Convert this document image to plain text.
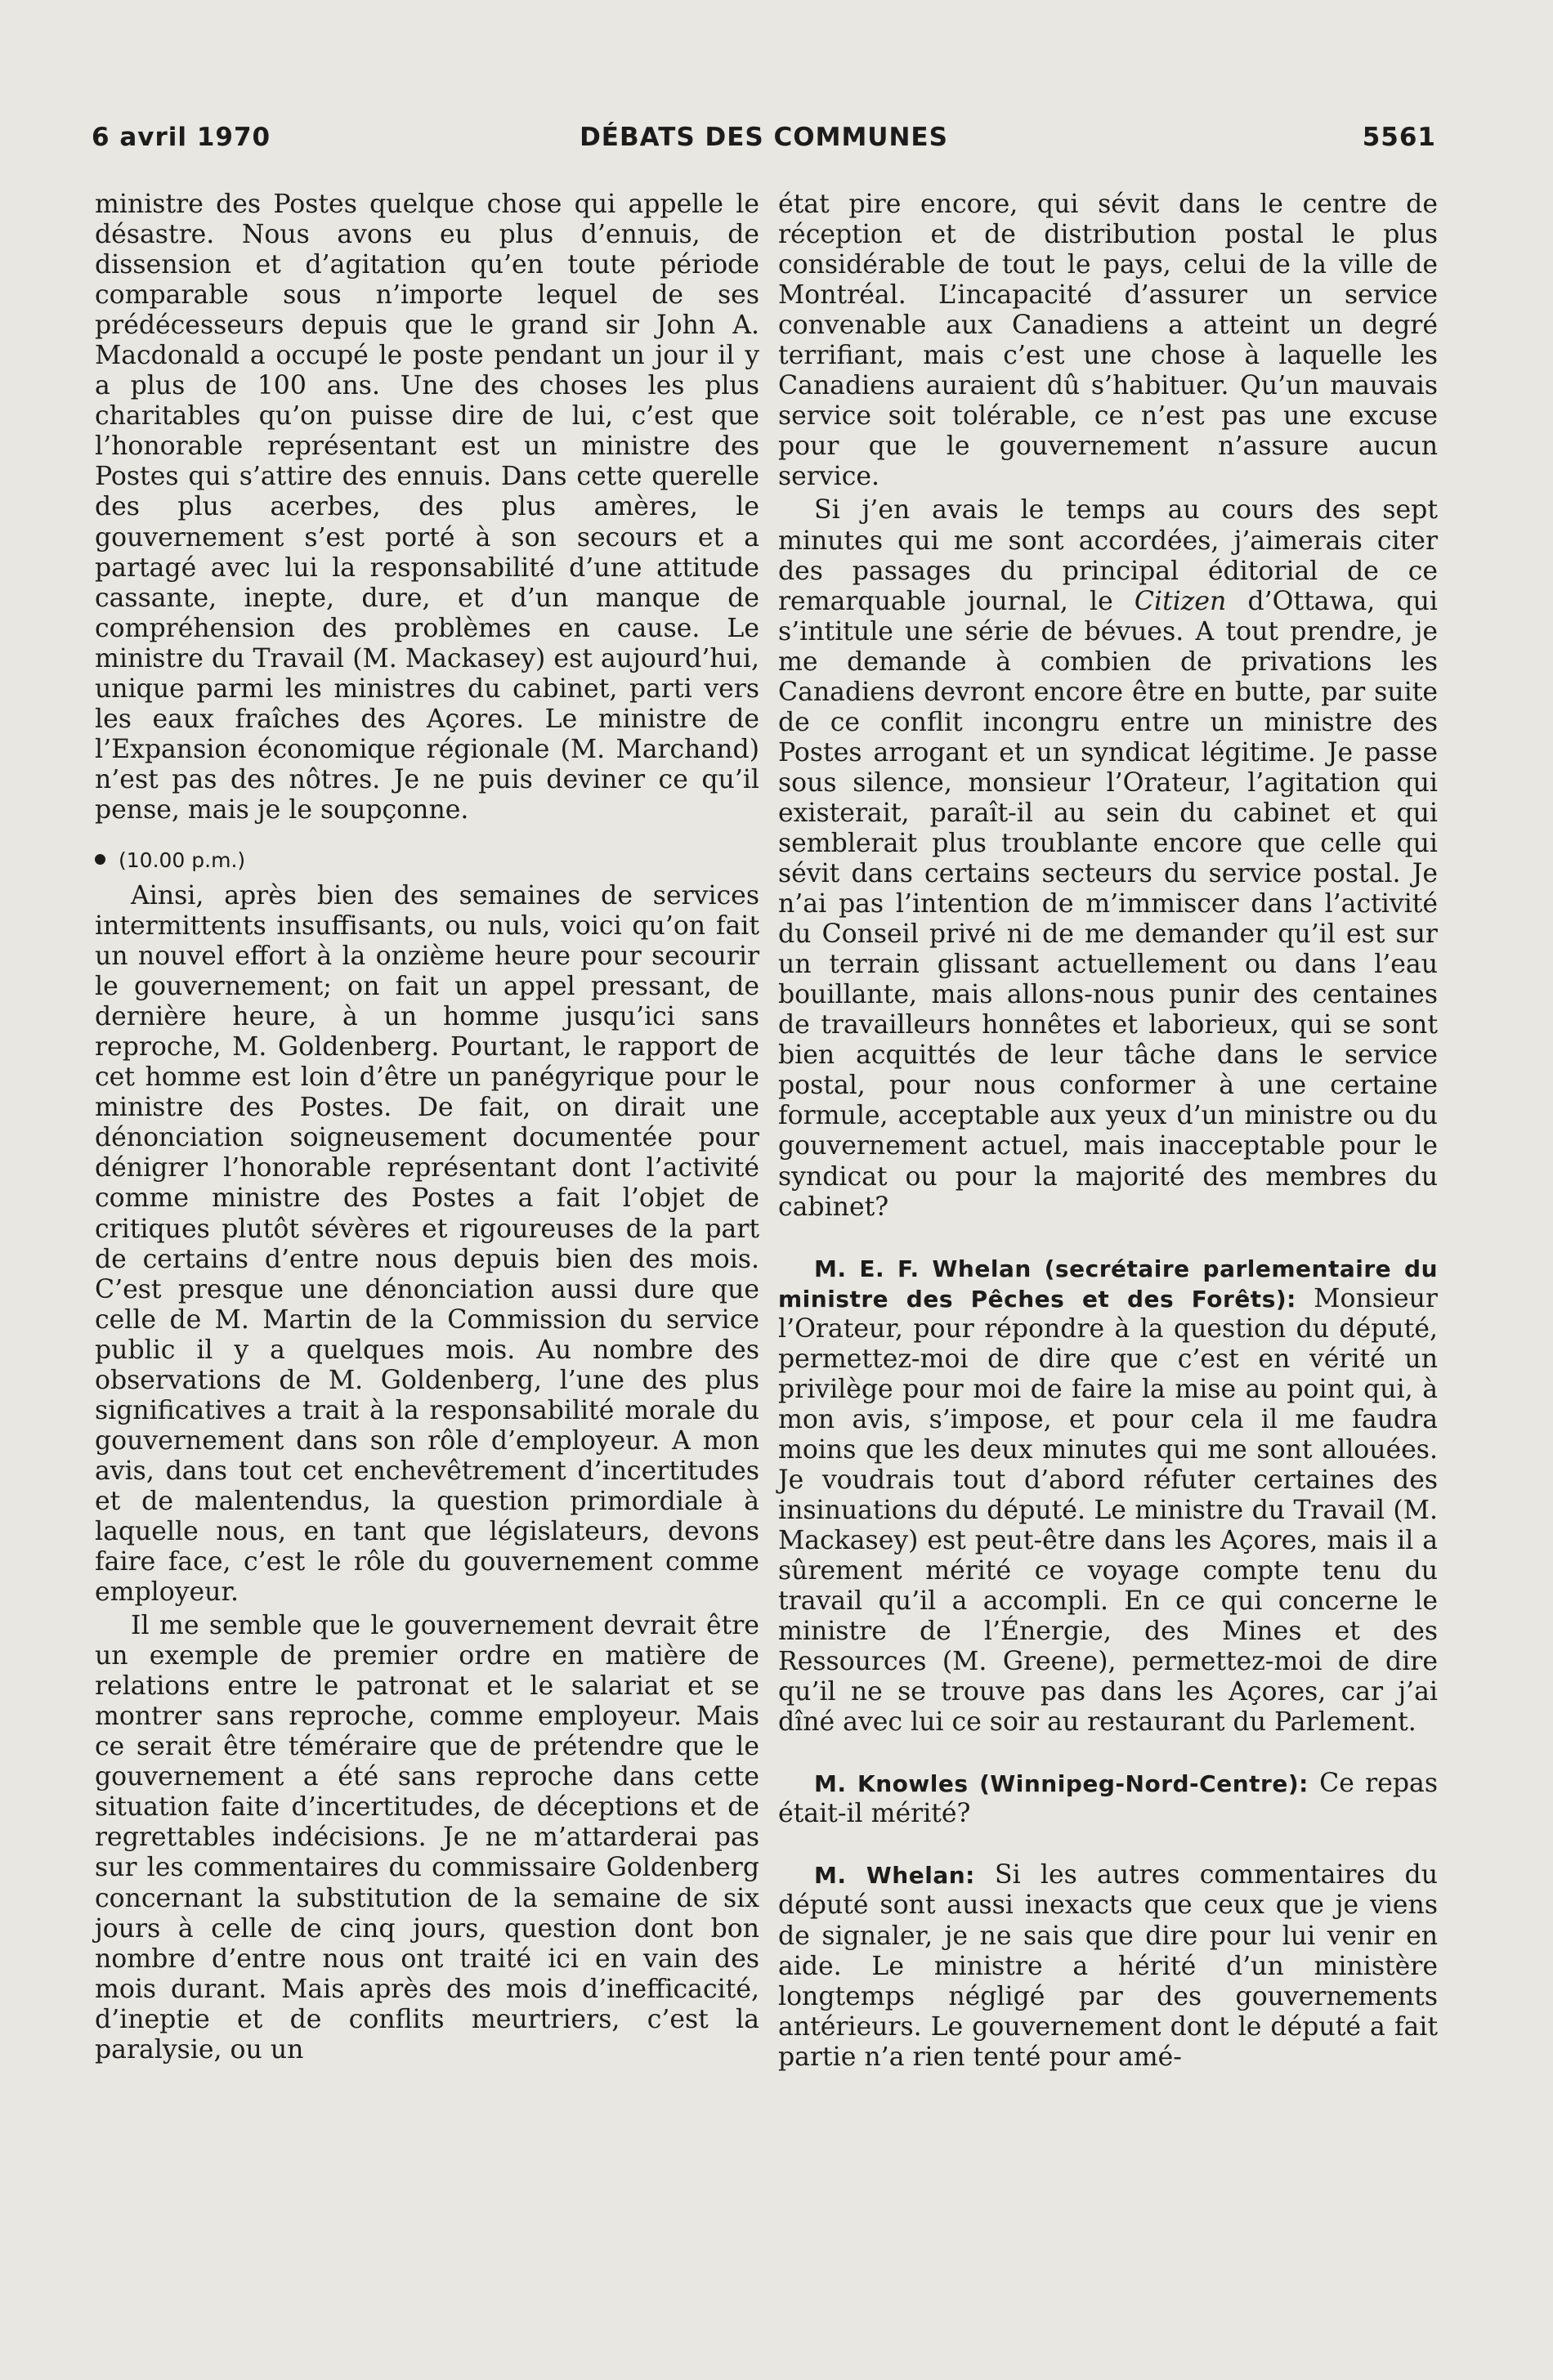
6 avril 1970	DÉBATS DES COMMUNES	5561

ministre des Postes quelque chose qui appelle le désastre. Nous avons eu plus d’ennuis, de dissension et d’agitation qu’en toute période comparable sous n’importe lequel de ses prédécesseurs depuis que le grand sir John A. Macdonald a occupé le poste pendant un jour il y a plus de 100 ans. Une des choses les plus charitables qu’on puisse dire de lui, c’est que l’honorable représentant est un ministre des Postes qui s’attire des ennuis. Dans cette querelle des plus acerbes, des plus amères, le gouvernement s’est porté à son secours et a partagé avec lui la responsabilité d’une attitude cassante, inepte, dure, et d’un manque de compréhension des problèmes en cause. Le ministre du Travail (M. Mackasey) est aujourd’hui, unique parmi les ministres du cabinet, parti vers les eaux fraîches des Açores. Le ministre de l’Expansion économique régionale (M. Marchand) n’est pas des nôtres. Je ne puis deviner ce qu’il pense, mais je le soupçonne.

(10.00 p.m.)

Ainsi, après bien des semaines de services intermittents insuffisants, ou nuls, voici qu’on fait un nouvel effort à la onzième heure pour secourir le gouvernement; on fait un appel pressant, de dernière heure, à un homme jusqu’ici sans reproche, M. Goldenberg. Pourtant, le rapport de cet homme est loin d’être un panégyrique pour le ministre des Postes. De fait, on dirait une dénonciation soigneusement documentée pour dénigrer l’honorable représentant dont l’activité comme ministre des Postes a fait l’objet de critiques plutôt sévères et rigoureuses de la part de certains d’entre nous depuis bien des mois. C’est presque une dénonciation aussi dure que celle de M. Martin de la Commission du service public il y a quelques mois. Au nombre des observations de M. Goldenberg, l’une des plus significatives a trait à la responsabilité morale du gouvernement dans son rôle d’employeur. A mon avis, dans tout cet enchevêtrement d’incertitudes et de malentendus, la question primordiale à laquelle nous, en tant que législateurs, devons faire face, c’est le rôle du gouvernement comme employeur.

Il me semble que le gouvernement devrait être un exemple de premier ordre en matière de relations entre le patronat et le salariat et se montrer sans reproche, comme employeur. Mais ce serait être téméraire que de prétendre que le gouvernement a été sans reproche dans cette situation faite d’incertitudes, de déceptions et de regrettables indécisions. Je ne m’attarderai pas sur les commentaires du commissaire Goldenberg concernant la substitution de la semaine de six jours à celle de cinq jours, question dont bon nombre d’entre nous ont traité ici en vain des mois durant. Mais après des mois d’inefficacité, d’ineptie et de conflits meurtriers, c’est la paralysie, ou un

état pire encore, qui sévit dans le centre de réception et de distribution postal le plus considérable de tout le pays, celui de la ville de Montréal. L’incapacité d’assurer un service convenable aux Canadiens a atteint un degré terrifiant, mais c’est une chose à laquelle les Canadiens auraient dû s’habituer. Qu’un mauvais service soit tolérable, ce n’est pas une excuse pour que le gouvernement n’assure aucun service.

Si j’en avais le temps au cours des sept minutes qui me sont accordées, j’aimerais citer des passages du principal éditorial de ce remarquable journal, le Citizen d’Ottawa, qui s’intitule une série de bévues. A tout prendre, je me demande à combien de privations les Canadiens devront encore être en butte, par suite de ce conflit incongru entre un ministre des Postes arrogant et un syndicat légitime. Je passe sous silence, monsieur l’Orateur, l’agitation qui existerait, paraît-il au sein du cabinet et qui semblerait plus troublante encore que celle qui sévit dans certains secteurs du service postal. Je n’ai pas l’intention de m’immiscer dans l’activité du Conseil privé ni de me demander qu’il est sur un terrain glissant actuellement ou dans l’eau bouillante, mais allons-nous punir des centaines de travailleurs honnêtes et laborieux, qui se sont bien acquittés de leur tâche dans le service postal, pour nous conformer à une certaine formule, acceptable aux yeux d’un ministre ou du gouvernement actuel, mais inacceptable pour le syndicat ou pour la majorité des membres du cabinet?

M. E. F. Whelan (secrétaire parlementaire du ministre des Pêches et des Forêts): Monsieur l’Orateur, pour répondre à la question du député, permettez-moi de dire que c’est en vérité un privilège pour moi de faire la mise au point qui, à mon avis, s’impose, et pour cela il me faudra moins que les deux minutes qui me sont allouées. Je voudrais tout d’abord réfuter certaines des insinuations du député. Le ministre du Travail (M. Mackasey) est peut-être dans les Açores, mais il a sûrement mérité ce voyage compte tenu du travail qu’il a accompli. En ce qui concerne le ministre de l’Énergie, des Mines et des Ressources (M. Greene), permettez-moi de dire qu’il ne se trouve pas dans les Açores, car j’ai dîné avec lui ce soir au restaurant du Parlement.

M. Knowles (Winnipeg-Nord-Centre): Ce repas était-il mérité?

M. Whelan: Si les autres commentaires du député sont aussi inexacts que ceux que je viens de signaler, je ne sais que dire pour lui venir en aide. Le ministre a hérité d’un ministère longtemps négligé par des gouvernements antérieurs. Le gouvernement dont le député a fait partie n’a rien tenté pour amé-
